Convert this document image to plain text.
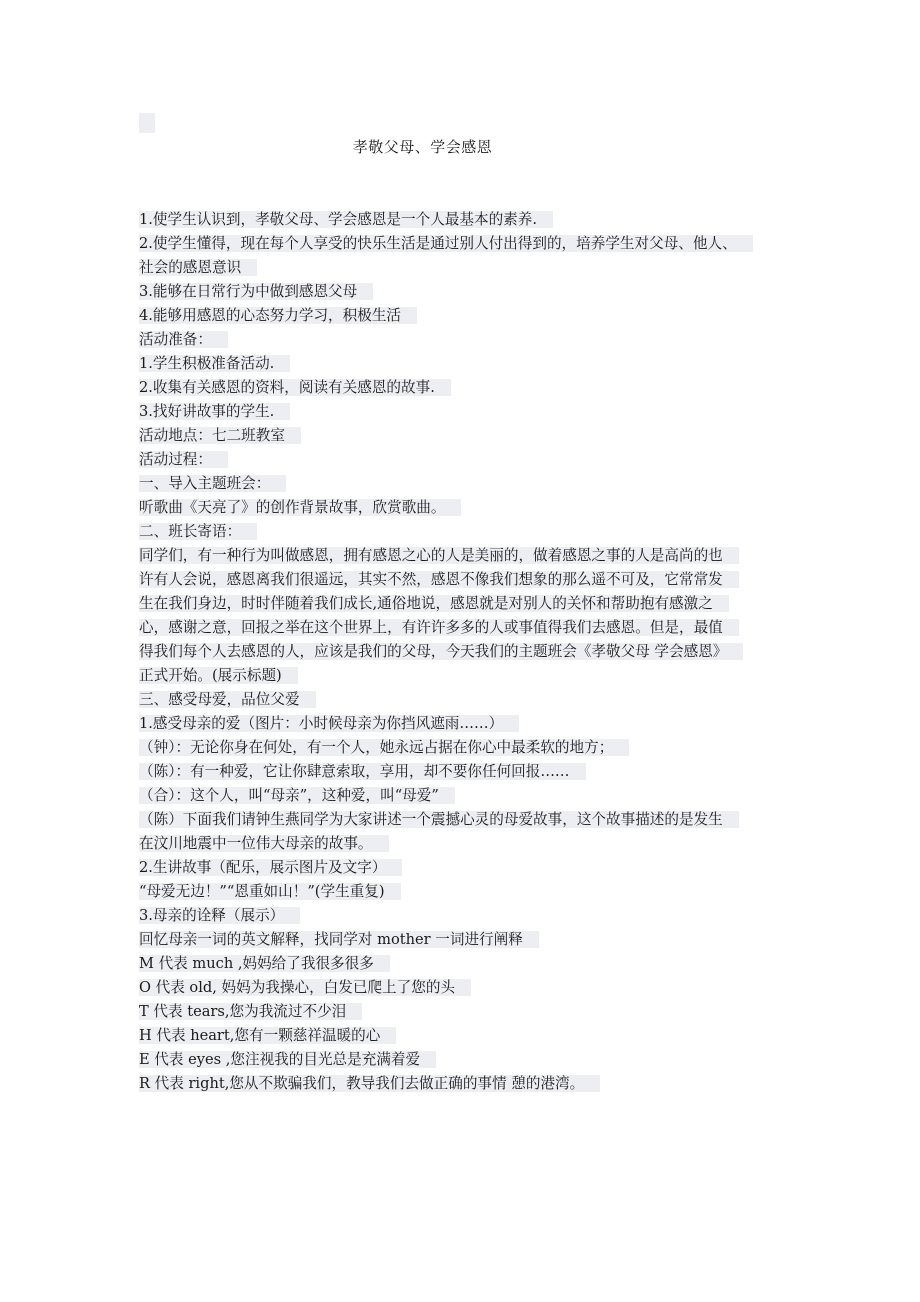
孝敬父母、学会感恩
1.使学生认识到，孝敬父母、学会感恩是一个人最基本的素养.
2.使学生懂得，现在每个人享受的快乐生活是通过别人付出得到的，培养学生对父母、他人、
社会的感恩意识
3.能够在日常行为中做到感恩父母
4.能够用感恩的心态努力学习，积极生活
活动准备：
1.学生积极准备活动.
2.收集有关感恩的资料，阅读有关感恩的故事.
3.找好讲故事的学生.
活动地点：七二班教室
活动过程：
一、导入主题班会：
听歌曲《天亮了》的创作背景故事，欣赏歌曲。
二、班长寄语：
同学们，有一种行为叫做感恩，拥有感恩之心的人是美丽的，做着感恩之事的人是高尚的也
许有人会说，感恩离我们很遥远，其实不然，感恩不像我们想象的那么遥不可及，它常常发
生在我们身边，时时伴随着我们成长,通俗地说，感恩就是对别人的关怀和帮助抱有感激之
心，感谢之意，回报之举在这个世界上，有许许多多的人或事值得我们去感恩。但是，最值
得我们每个人去感恩的人，应该是我们的父母，今天我们的主题班会《孝敬父母 学会感恩》
正式开始。(展示标题)
三、感受母爱，品位父爱
1.感受母亲的爱（图片：小时候母亲为你挡风遮雨……）
（钟）：无论你身在何处，有一个人，她永远占据在你心中最柔软的地方；
（陈）：有一种爱，它让你肆意索取，享用，却不要你任何回报……
（合）：这个人，叫“母亲”，这种爱，叫“母爱”
（陈）下面我们请钟生燕同学为大家讲述一个震撼心灵的母爱故事，这个故事描述的是发生
在汶川地震中一位伟大母亲的故事。
2.生讲故事（配乐，展示图片及文字）
“母爱无边！”“恩重如山！”(学生重复)
3.母亲的诠释（展示）
回忆母亲一词的英文解释，找同学对 mother 一词进行阐释
M 代表 much ,妈妈给了我很多很多
O 代表 old, 妈妈为我操心，白发已爬上了您的头
T 代表 tears,您为我流过不少泪
H 代表 heart,您有一颗慈祥温暖的心
E 代表 eyes ,您注视我的目光总是充满着爱
R 代表 right,您从不欺骗我们，教导我们去做正确的事情 憩的港湾。
